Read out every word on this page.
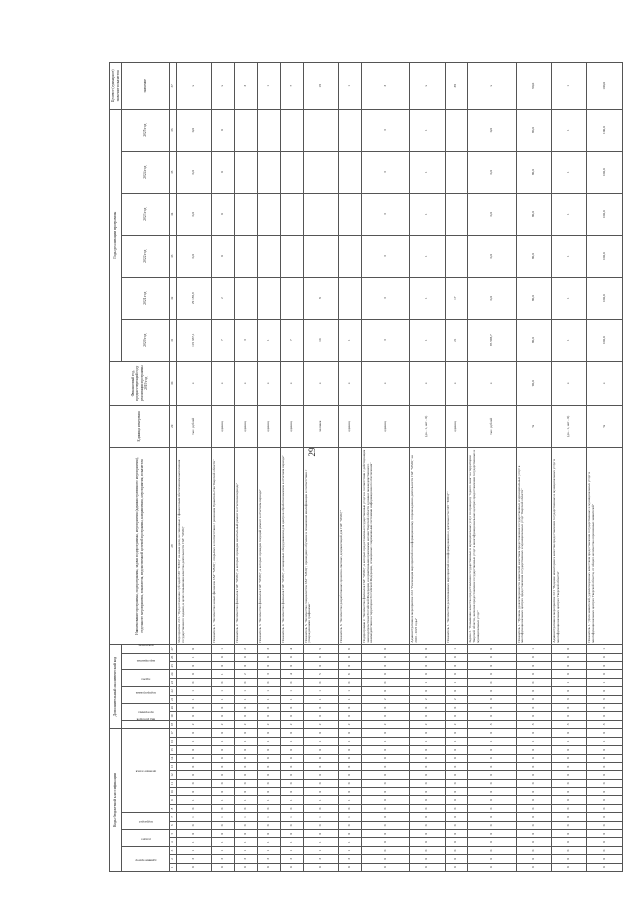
29
Коды бюджетной классификации																	Дополнительный аналитический код										Наименование программы, подпрограммы, задачи подпрограммы, мероприятия (административного мероприятия), отдельного мероприятия, показателя, ведомственной целевой программы, направления, мероприятия, показателя	Единица измерения	Финансовый год, предшествующий году реализации программы 2019 год	Годы реализации программы						Целевое (суммарное) значение показателя
администратор			раздел		подраздел		целевая статья										вид расходов	программа		подпрограмма		задача		мероприятие		показатель				2020 год	2021 год	2022 год	2023 год	2024 год	2025 год	значение

1	2	3	4	5	6	7	8	9	10	11	12	13	14	15	16	17	18	19	20	21	22	23	24	25	26	27	28	29	30	31	32	33	34	35	36	37
0	3	1	1	0	0	1	0	1	0	0	0	0	0	0	1	0	2	0	0	1	1	0	0	0	1	0	Мероприятие 2.01. "Предоставление субсидий ГАУ "ММЦ" на иные цели, не связанные с финансовым обеспечением выполнения государственного задания, в целях повышения качества деятельности ГАУ "ММЦ"	тыс. рублей	х	119 337,1	29 185,9	0,0	0,0	0,0	0,0	х
0	3	1	1	0	0	1	0	1	0	0	0	0	0	0	1	0	2	0	0	1	1	0	1	0	0	1	Показатель 1. "Количество новых филиалов ГАУ "ММЦ", открытых в соответствии с решением Правительства Тверской области"	единиц	х	7	2	0	0	0	0	х
0	3	1	1	0	0	1	0	1	0	0	0	0	0	0	1	0	2	0	0	1	1	0	2	0	0	2	Показатель 2. "Количество филиалов ГАУ "ММЦ", в которых проведен капитальный ремонт в отчетном периоде"	единиц	х	3						3
0	3	1	1	0	0	1	0	1	0	0	0	0	0	0	1	0	2	0	0	1	1	0	3	0	0	3	Показатель 3. "Количество филиалов ГАУ "ММЦ", в которых проведен текущий ремонт в отчетном периоде"	единиц	х	1						1
0	3	1	1	0	0	1	0	1	0	0	0	0	0	0	1	0	2	0	0	1	1	0	4	0	0	4	Показатель 4. "Количество филиалов ГАУ "ММЦ", оснащенных оборудованием для центров обработки вызовов в отчетном периоде"	единиц	х	7						7
0	3	1	1	0	0	1	0	1	0	0	0	0	0	0	1	0	2	0	0	1	1	0	5	0	0	5	Показатель 5. "Количество специалистов ГАУ "ММЦ", прошедших обучение и повышение квалификации в соответствии с утвержденными графиками"	человек	х	10	8					18
0	3	1	1	0	0	1	0	1	0	0	0	0	0	0	1	0	2	0	0	1	1	0	6	0	0	6	Показатель 6. "Количество разработанных проектно-сметных документаций для ГАУ "ММЦ""	единиц	х	1						1
0	0	0	0	0	0	0	0	0	0	0	0	0	0	0	1	0	2	0	0	2	0	0	0	0	0	0	Подпрограмма 2. "Количество филиалов ГАУ "ММЦ", в которых предоставлены государственные услуги в соответствии с действующим законодательством Российской Федерации и нормативными правовыми актами Тверской области в рамках межведомственного взаимодействия на территории Российской Федерации, оснащенных современными системами информационного обеспечения"	единиц	х	3	3	3	3	3	3	3
0	0	0	0	0	0	0	0	0	0	0	0	0	0	0	1	0	2	0	0	2	0	1	0	0	0	0	Административное мероприятие 2.02 "Реализация мероприятий по информационному сопровождению деятельности ГАУ "ММЦ" на 2020 - 2025 годы"	(да - 1, нет - 0)	х	1	1	1	1	1	1	х
0	0	0	0	0	0	0	0	0	0	0	0	0	0	0	1	0	2	0	0	2	0	1	0	0	0	1	Показатель 1. "Количество реализованных мероприятий по информированию о деятельности ГАУ "ММЦ""	единиц	х	21	17					38
0	0	0	0	0	0	0	0	0	0	0	0	0	0	0	1	0	3	0	0	0	0	0	0	0	0	0	Задача 3. "Повышение качества предоставления государственных и муниципальных услуг по принципу "одного окна" на территории Тверской области, включая предоставление государственных услуг в многофункциональных центрах предоставления государственных и муниципальных услуг"	тыс. рублей	х	95 598,7	0,0	0,0	0,0	0,0	0,0	х
0	0	0	0	0	0	0	0	0	0	0	0	0	0	0	1	0	3	0	0	0	0	0	0	0	0	1	Показатель 1. "Уровень удовлетворенности заявителей качеством предоставления государственных и муниципальных услуг в многофункциональных центрах предоставления государственных и муниципальных услуг Тверской области"	%	90,0	90,0	90,0	90,0	90,0	90,0	90,0	90,0
0	0	0	0	0	0	0	0	0	0	0	0	0	0	0	1	0	3	0	0	3	0	1	0	0	0	0	Административное мероприятие 3.01 "Ведение мониторинга качества предоставления государственных и муниципальных услуг в многофункциональных центрах Тверской области"	(да - 1, нет - 0)	х	1	1	1	1	1	1	1
0	0	0	0	0	0	0	0	0	0	0	0	0	0	0	1	0	3	0	0	3	0	1	0	0	0	1	Показатель 1. "Доля заявителей, удовлетворенных качеством предоставления государственных и муниципальных услуг в многофункциональных центрах Тверской области, от общего количества опрошенных заявителей"	%	х	100,0	100,0	100,0	100,0	100,0	100,0	100,0
